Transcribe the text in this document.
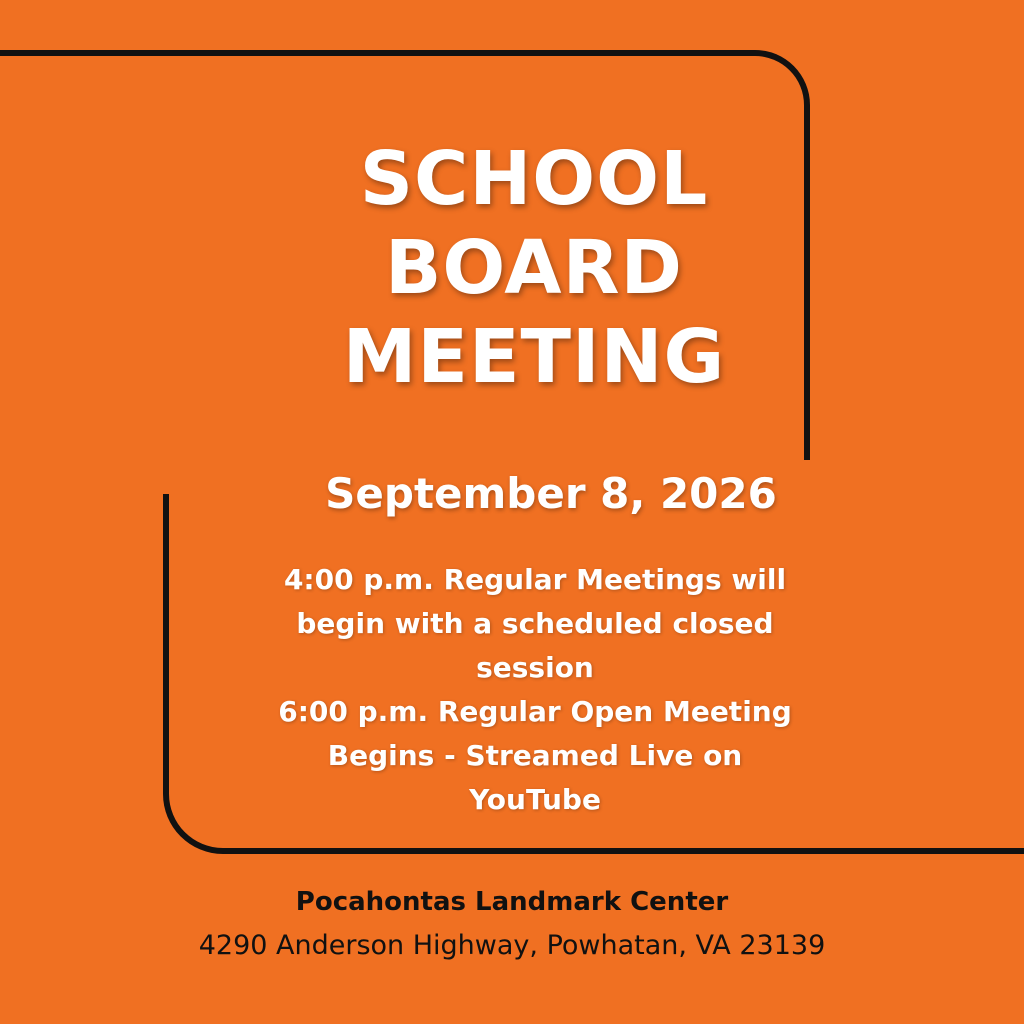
SCHOOL
BOARD
MEETING
September 8, 2026
4:00 p.m. Regular Meetings will
begin with a scheduled closed
session
6:00 p.m. Regular Open Meeting
Begins - Streamed Live on
YouTube
Pocahontas Landmark Center
4290 Anderson Highway, Powhatan, VA 23139
